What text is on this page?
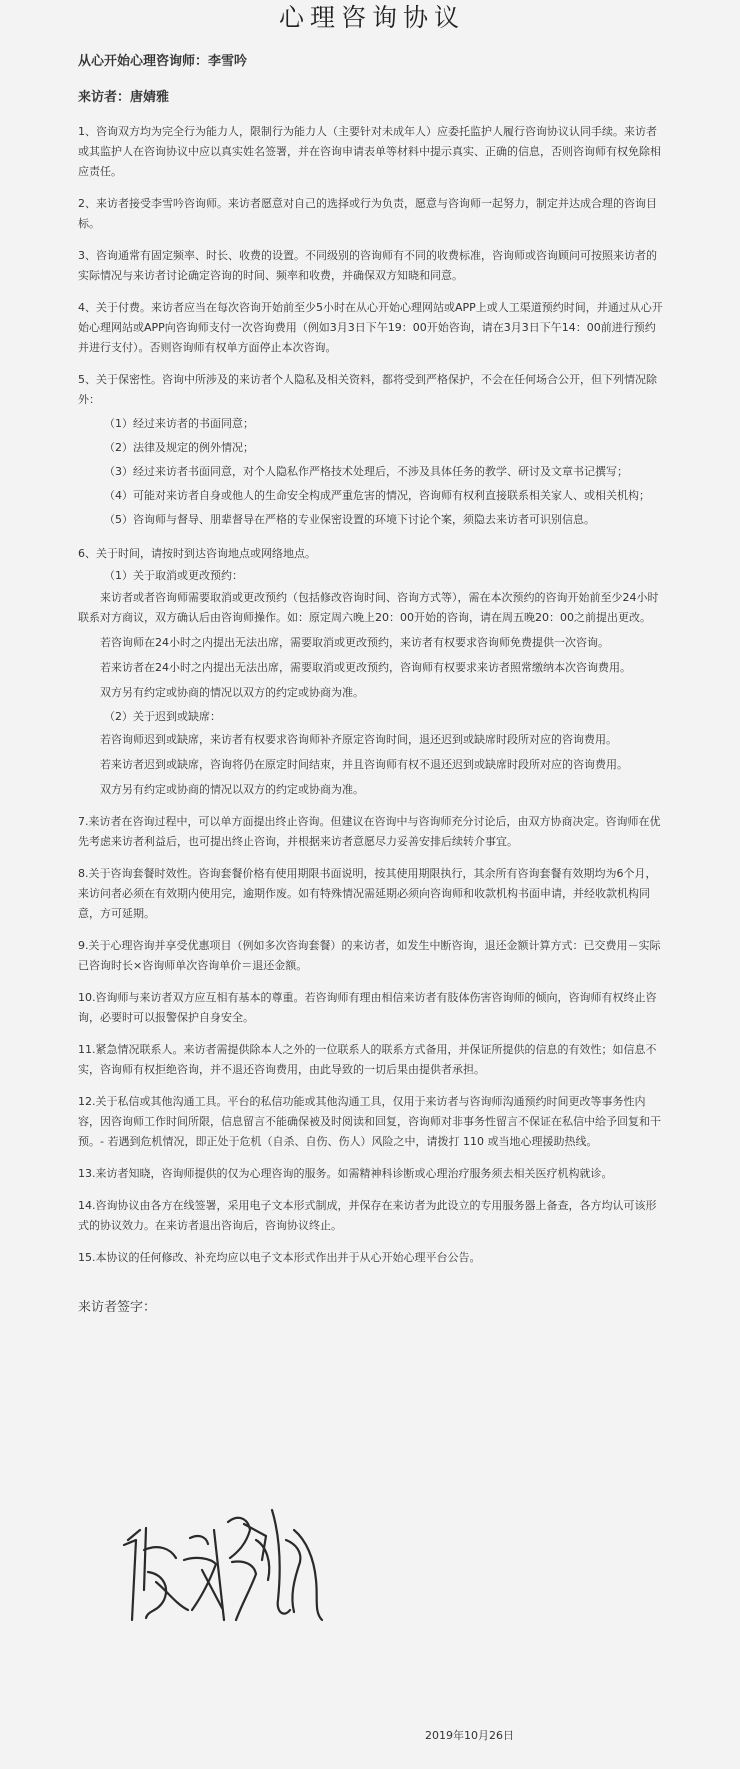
心理咨询协议

从心开始心理咨询师：李雪吟

来访者：唐婧雅

1、咨询双方均为完全行为能力人，限制行为能力人（主要针对未成年人）应委托监护人履行咨询协议认同手续。来访者或其监护人在咨询协议中应以真实姓名签署，并在咨询申请表单等材料中提示真实、正确的信息，否则咨询师有权免除相应责任。

2、来访者接受李雪吟咨询师。来访者愿意对自己的选择或行为负责，愿意与咨询师一起努力，制定并达成合理的咨询目标。

3、咨询通常有固定频率、时长、收费的设置。不同级别的咨询师有不同的收费标准，咨询师或咨询顾问可按照来访者的实际情况与来访者讨论确定咨询的时间、频率和收费，并确保双方知晓和同意。

4、关于付费。来访者应当在每次咨询开始前至少5小时在从心开始心理网站或APP上或人工渠道预约时间，并通过从心开始心理网站或APP向咨询师支付一次咨询费用（例如3月3日下午19：00开始咨询，请在3月3日下午14：00前进行预约并进行支付）。否则咨询师有权单方面停止本次咨询。

5、关于保密性。咨询中所涉及的来访者个人隐私及相关资料，都将受到严格保护，不会在任何场合公开，但下列情况除外：

（1）经过来访者的书面同意；

（2）法律及规定的例外情况；

（3）经过来访者书面同意，对个人隐私作严格技术处理后，不涉及具体任务的教学、研讨及文章书记撰写；

（4）可能对来访者自身或他人的生命安全构成严重危害的情况，咨询师有权利直接联系相关家人、或相关机构；

（5）咨询师与督导、朋辈督导在严格的专业保密设置的环境下讨论个案，须隐去来访者可识别信息。

6、关于时间，请按时到达咨询地点或网络地点。

（1）关于取消或更改预约：

来访者或者咨询师需要取消或更改预约（包括修改咨询时间、咨询方式等），需在本次预约的咨询开始前至少24小时联系对方商议，双方确认后由咨询师操作。如：原定周六晚上20：00开始的咨询，请在周五晚20：00之前提出更改。

若咨询师在24小时之内提出无法出席，需要取消或更改预约，来访者有权要求咨询师免费提供一次咨询。

若来访者在24小时之内提出无法出席，需要取消或更改预约，咨询师有权要求来访者照常缴纳本次咨询费用。

双方另有约定或协商的情况以双方的约定或协商为准。

（2）关于迟到或缺席：

若咨询师迟到或缺席，来访者有权要求咨询师补齐原定咨询时间，退还迟到或缺席时段所对应的咨询费用。

若来访者迟到或缺席，咨询将仍在原定时间结束，并且咨询师有权不退还迟到或缺席时段所对应的咨询费用。

双方另有约定或协商的情况以双方的约定或协商为准。

7.来访者在咨询过程中，可以单方面提出终止咨询。但建议在咨询中与咨询师充分讨论后，由双方协商决定。咨询师在优先考虑来访者利益后，也可提出终止咨询，并根据来访者意愿尽力妥善安排后续转介事宜。

8.关于咨询套餐时效性。咨询套餐价格有使用期限书面说明，按其使用期限执行，其余所有咨询套餐有效期均为6个月，来访问者必须在有效期内使用完，逾期作废。如有特殊情况需延期必须向咨询师和收款机构书面申请，并经收款机构同意，方可延期。

9.关于心理咨询并享受优惠项目（例如多次咨询套餐）的来访者，如发生中断咨询，退还金额计算方式：已交费用－实际已咨询时长×咨询师单次咨询单价＝退还金额。

10.咨询师与来访者双方应互相有基本的尊重。若咨询师有理由相信来访者有肢体伤害咨询师的倾向，咨询师有权终止咨询，必要时可以报警保护自身安全。

11.紧急情况联系人。来访者需提供除本人之外的一位联系人的联系方式备用，并保证所提供的信息的有效性；如信息不实，咨询师有权拒绝咨询，并不退还咨询费用，由此导致的一切后果由提供者承担。

12.关于私信或其他沟通工具。平台的私信功能或其他沟通工具，仅用于来访者与咨询师沟通预约时间更改等事务性内容，因咨询师工作时间所限，信息留言不能确保被及时阅读和回复，咨询师对非事务性留言不保证在私信中给予回复和干预。- 若遇到危机情况，即正处于危机（自杀、自伤、伤人）风险之中，请拨打 110 或当地心理援助热线。

13.来访者知晓，咨询师提供的仅为心理咨询的服务。如需精神科诊断或心理治疗服务须去相关医疗机构就诊。

14.咨询协议由各方在线签署，采用电子文本形式制成，并保存在来访者为此设立的专用服务器上备查，各方均认可该形式的协议效力。在来访者退出咨询后，咨询协议终止。

15.本协议的任何修改、补充均应以电子文本形式作出并于从心开始心理平台公告。

来访者签字：

2019年10月26日
